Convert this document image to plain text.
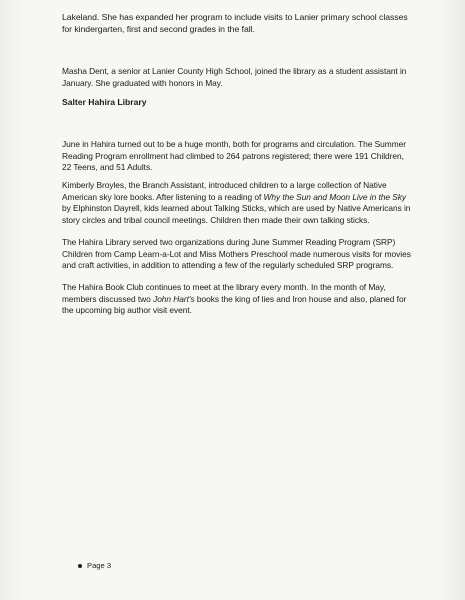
Lakeland. She has expanded her program to include visits to Lanier primary school classes for kindergarten, first and second grades in the fall.

Masha Dent, a senior at Lanier County High School, joined the library as a student assistant in January. She graduated with honors in May.

Salter Hahira Library

June in Hahira turned out to be a huge month, both for programs and circulation. The Summer Reading Program enrollment had climbed to 264 patrons registered; there were 191 Children, 22 Teens, and 51 Adults.

Kimberly Broyles, the Branch Assistant, introduced children to a large collection of Native American sky lore books. After listening to a reading of Why the Sun and Moon Live in the Sky by Elphinston Dayrell, kids learned about Talking Sticks, which are used by Native Americans in story circles and tribal council meetings. Children then made their own talking sticks.

The Hahira Library served two organizations during June Summer Reading Program (SRP) Children from Camp Learn-a-Lot and Miss Mothers Preschool made numerous visits for movies and craft activities, in addition to attending a few of the regularly scheduled SRP programs.

The Hahira Book Club continues to meet at the library every month. In the month of May, members discussed two John Hart's books the king of lies and Iron house and also, planed for the upcoming big author visit event.

Page 3
